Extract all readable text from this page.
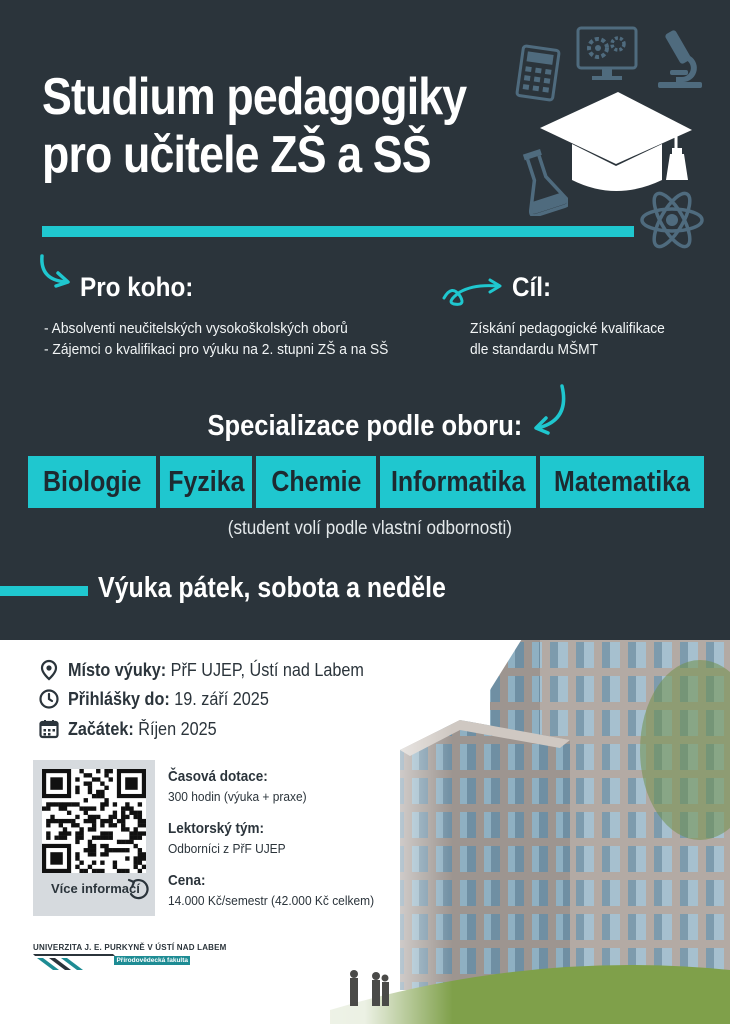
Studium pedagogiky
pro učitele ZŠ a SŠ
Pro koho:
- Absolventi neučitelských vysokoškolských oborů
- Zájemci o kvalifikaci pro výuku na 2. stupni ZŠ a na SŠ
Cíl:
Získání pedagogické kvalifikace
dle standardu MŠMT
Specializace podle oboru:
Biologie Fyzika Chemie Informatika Matematika
(student volí podle vlastní odbornosti)
Výuka pátek, sobota a neděle
Místo výuky: PřF UJEP, Ústí nad Labem
Přihlášky do: 19. září 2025
Začátek: Říjen 2025
Více informací
Časová dotace:
300 hodin (výuka + praxe)
Lektorský tým:
Odborníci z PřF UJEP
Cena:
14.000 Kč/semestr (42.000 Kč celkem)
UNIVERZITA J. E. PURKYNĚ V ÚSTÍ NAD LABEM
Přírodovědecká fakulta
